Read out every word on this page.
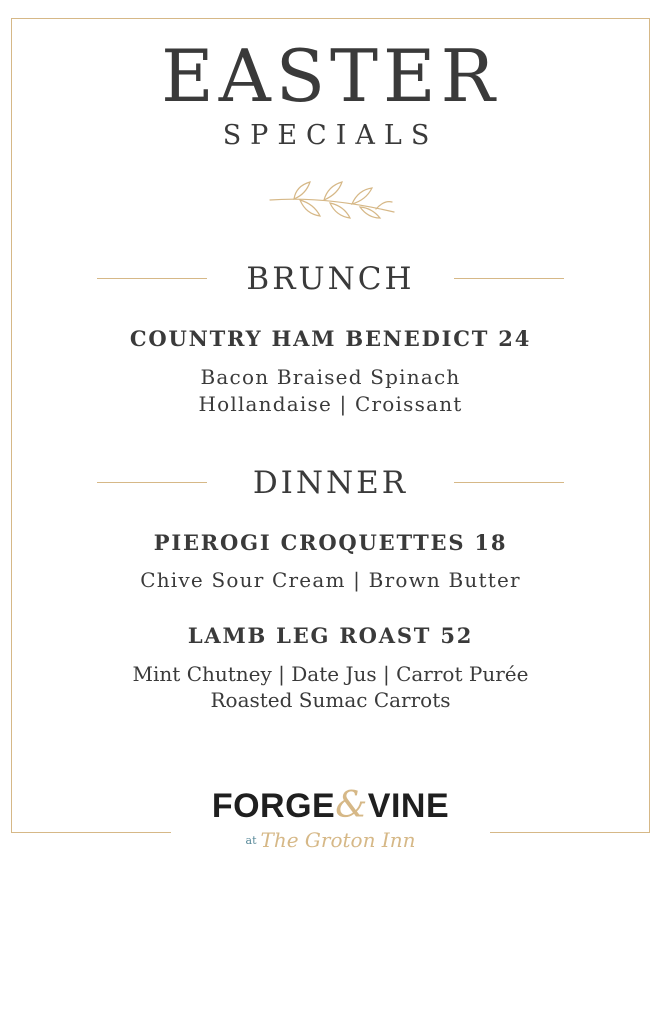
EASTER
SPECIALS
BRUNCH
COUNTRY HAM BENEDICT 24
Bacon Braised Spinach
Hollandaise | Croissant
DINNER
PIEROGI CROQUETTES 18
Chive Sour Cream | Brown Butter
LAMB LEG ROAST 52
Mint Chutney | Date Jus | Carrot Purée
Roasted Sumac Carrots
FORGE&VINE
at The Groton Inn
